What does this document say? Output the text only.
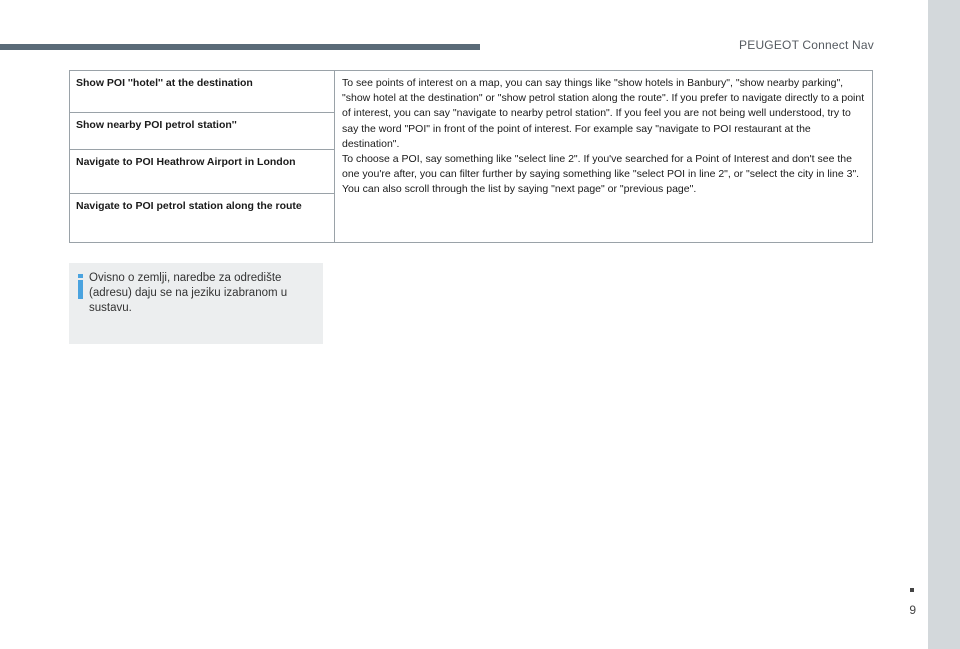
PEUGEOT Connect Nav
Show POI ''hotel'' at the destination
Show nearby POI petrol station''
Navigate to POI Heathrow Airport in London
Navigate to POI petrol station along the route

To see points of interest on a map, you can say things like "show hotels in Banbury", "show nearby parking", "show hotel at the destination" or "show petrol station along the route". If you prefer to navigate directly to a point of interest, you can say "navigate to nearby petrol station". If you feel you are not being well understood, try to say the word "POI" in front of the point of interest. For example say "navigate to POI restaurant at the destination".

To choose a POI, say something like "select line 2". If you've searched for a Point of Interest and don't see the one you're after, you can filter further by saying something like "select POI in line 2", or "select the city in line 3". You can also scroll through the list by saying "next page" or "previous page".

Ovisno o zemlji, naredbe za odredište (adresu) daju se na jeziku izabranom u sustavu.
9
